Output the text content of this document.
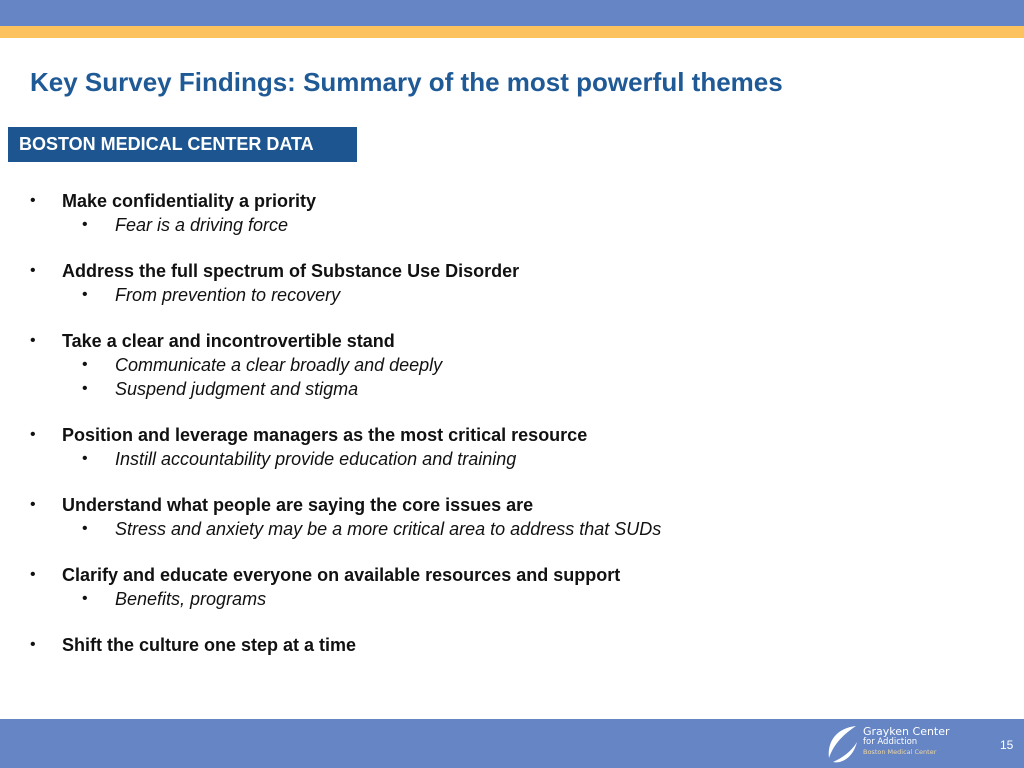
Key Survey Findings: Summary of the most powerful themes
BOSTON MEDICAL CENTER DATA
• Make confidentiality a priority
• Fear is a driving force
• Address the full spectrum of Substance Use Disorder
• From prevention to recovery
• Take a clear and incontrovertible stand
• Communicate a clear broadly and deeply
• Suspend judgment and stigma
• Position and leverage managers as the most critical resource
• Instill accountability provide education and training
• Understand what people are saying the core issues are
• Stress and anxiety may be a more critical area to address that SUDs
• Clarify and educate everyone on available resources and support
• Benefits, programs
• Shift the culture one step at a time
Grayken Center
for Addiction
Boston Medical Center	15
